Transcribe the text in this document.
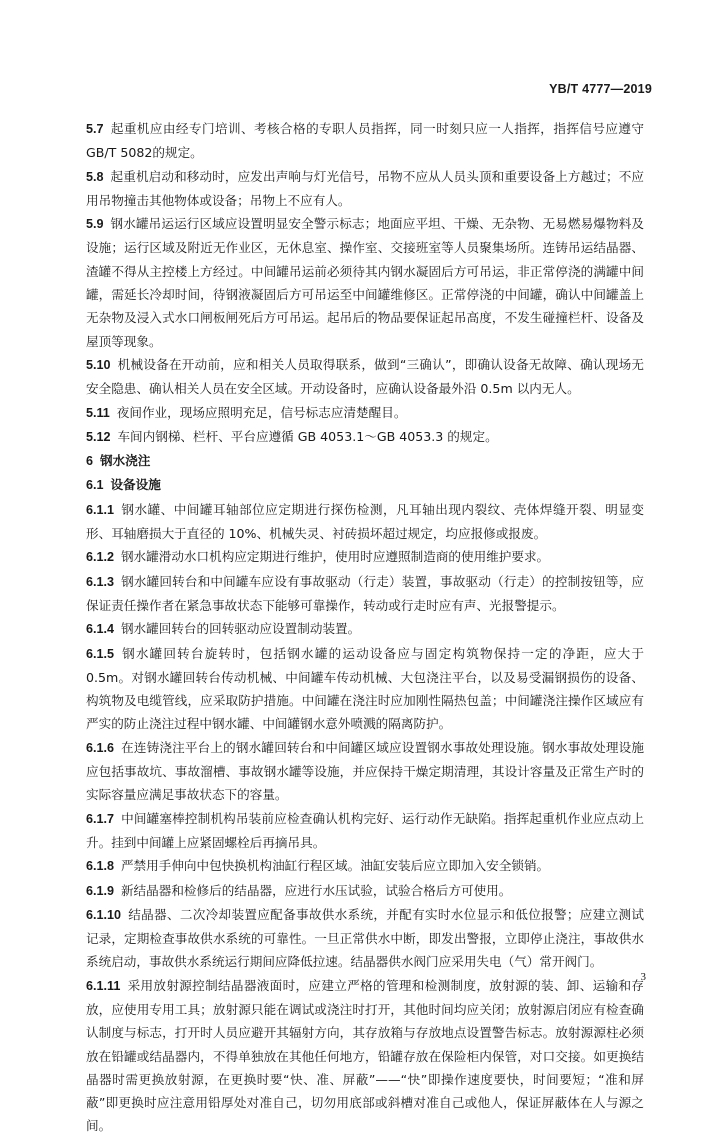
YB/T 4777—2019

5.7 起重机应由经专门培训、考核合格的专职人员指挥，同一时刻只应一人指挥，指挥信号应遵守GB/T 5082的规定。

5.8 起重机启动和移动时，应发出声响与灯光信号，吊物不应从人员头顶和重要设备上方越过；不应用吊物撞击其他物体或设备；吊物上不应有人。

5.9 钢水罐吊运运行区域应设置明显安全警示标志；地面应平坦、干燥、无杂物、无易燃易爆物料及设施；运行区域及附近无作业区，无休息室、操作室、交接班室等人员聚集场所。连铸吊运结晶器、渣罐不得从主控楼上方经过。中间罐吊运前必须待其内钢水凝固后方可吊运，非正常停浇的满罐中间罐，需延长冷却时间，待钢液凝固后方可吊运至中间罐维修区。正常停浇的中间罐，确认中间罐盖上无杂物及浸入式水口闸板闸死后方可吊运。起吊后的物品要保证起吊高度，不发生碰撞栏杆、设备及屋顶等现象。

5.10 机械设备在开动前，应和相关人员取得联系，做到“三确认”，即确认设备无故障、确认现场无安全隐患、确认相关人员在安全区域。开动设备时，应确认设备最外沿 0.5m 以内无人。

5.11 夜间作业，现场应照明充足，信号标志应清楚醒目。

5.12 车间内钢梯、栏杆、平台应遵循 GB 4053.1～GB 4053.3 的规定。

6 钢水浇注

6.1 设备设施

6.1.1 钢水罐、中间罐耳轴部位应定期进行探伤检测，凡耳轴出现内裂纹、壳体焊缝开裂、明显变形、耳轴磨损大于直径的 10%、机械失灵、衬砖损坏超过规定，均应报修或报废。

6.1.2 钢水罐滑动水口机构应定期进行维护，使用时应遵照制造商的使用维护要求。

6.1.3 钢水罐回转台和中间罐车应设有事故驱动（行走）装置，事故驱动（行走）的控制按钮等，应保证责任操作者在紧急事故状态下能够可靠操作，转动或行走时应有声、光报警提示。

6.1.4 钢水罐回转台的回转驱动应设置制动装置。

6.1.5 钢水罐回转台旋转时，包括钢水罐的运动设备应与固定构筑物保持一定的净距，应大于 0.5m。对钢水罐回转台传动机械、中间罐车传动机械、大包浇注平台，以及易受漏钢损伤的设备、构筑物及电缆管线，应采取防护措施。中间罐在浇注时应加刚性隔热包盖；中间罐浇注操作区域应有严实的防止浇注过程中钢水罐、中间罐钢水意外喷溅的隔离防护。

6.1.6 在连铸浇注平台上的钢水罐回转台和中间罐区域应设置钢水事故处理设施。钢水事故处理设施应包括事故坑、事故溜槽、事故钢水罐等设施，并应保持干燥定期清理，其设计容量及正常生产时的实际容量应满足事故状态下的容量。

6.1.7 中间罐塞棒控制机构吊装前应检查确认机构完好、运行动作无缺陷。指挥起重机作业应点动上升。挂到中间罐上应紧固螺栓后再摘吊具。

6.1.8 严禁用手伸向中包快换机构油缸行程区域。油缸安装后应立即加入安全锁销。

6.1.9 新结晶器和检修后的结晶器，应进行水压试验，试验合格后方可使用。

6.1.10 结晶器、二次冷却装置应配备事故供水系统，并配有实时水位显示和低位报警；应建立测试记录，定期检查事故供水系统的可靠性。一旦正常供水中断，即发出警报，立即停止浇注，事故供水系统启动，事故供水系统运行期间应降低拉速。结晶器供水阀门应采用失电（气）常开阀门。

6.1.11 采用放射源控制结晶器液面时，应建立严格的管理和检测制度，放射源的装、卸、运输和存放，应使用专用工具；放射源只能在调试或浇注时打开，其他时间均应关闭；放射源启闭应有检查确认制度与标志，打开时人员应避开其辐射方向，其存放箱与存放地点设置警告标志。放射源源柱必须放在铅罐或结晶器内，不得单独放在其他任何地方，铅罐存放在保险柜内保管，对口交接。如更换结晶器时需更换放射源，在更换时要“快、准、屏蔽”——“快”即操作速度要快，时间要短；“准和屏蔽”即更换时应注意用铅厚处对准自己，切勿用底部或斜槽对准自己或他人，保证屏蔽体在人与源之间。

3
